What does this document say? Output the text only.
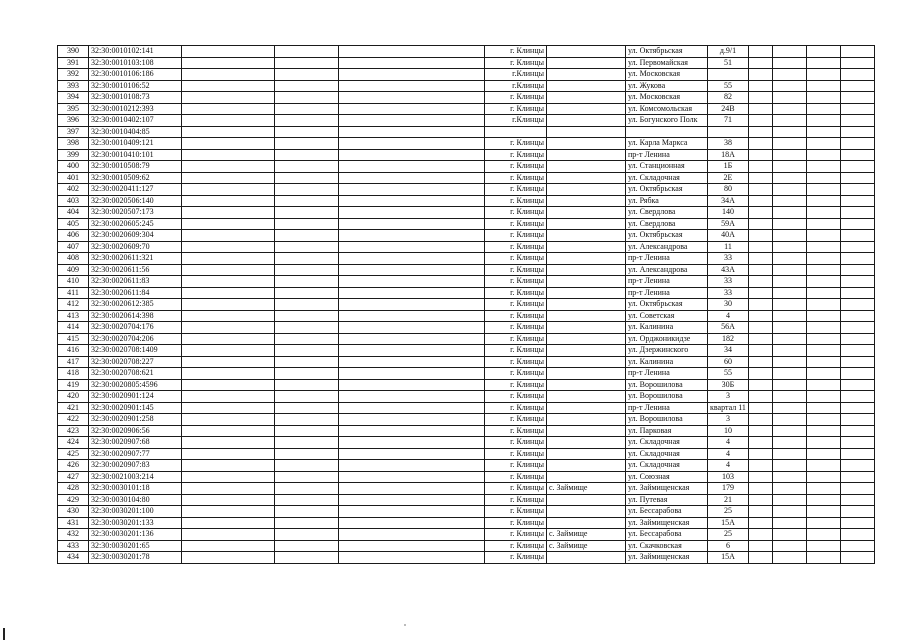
390	32:30:0010102:141				г. Клинцы		ул. Октябрьская	д.9/1				
391	32:30:0010103:108				г. Клинцы		ул. Первомайская	51				
392	32:30:0010106:186				г.Клинцы		ул. Московская					
393	32:30:0010106:52				г.Клинцы		ул. Жукова	55				
394	32:30:0010108:73				г. Клинцы		ул. Московская	82				
395	32:30:0010212:393				г. Клинцы		ул. Комсомольская	24В				
396	32:30:0010402:107				г.Клинцы		ул. Богунского Полк	71				
397	32:30:0010404:85											
398	32:30:0010409:121				г. Клинцы		ул. Карла Маркса	38				
399	32:30:0010410:101				г. Клинцы		пр-т Ленина	18А				
400	32:30:0010508:79				г. Клинцы		ул. Станционная	1Б				
401	32:30:0010509:62				г. Клинцы		ул. Складочная	2Е				
402	32:30:0020411:127				г. Клинцы		ул. Октябрьская	80				
403	32:30:0020506:140				г. Клинцы		ул. Рябка	34А				
404	32:30:0020507:173				г. Клинцы		ул. Свердлова	140				
405	32:30:0020605:245				г. Клинцы		ул. Свердлова	59А				
406	32:30:0020609:304				г. Клинцы		ул. Октябрьская	40А				
407	32:30:0020609:70				г. Клинцы		ул. Александрова	11				
408	32:30:0020611:321				г. Клинцы		пр-т Ленина	33				
409	32:30:0020611:56				г. Клинцы		ул. Александрова	43А				
410	32:30:0020611:83				г. Клинцы		пр-т Ленина	33				
411	32:30:0020611:84				г. Клинцы		пр-т Ленина	33				
412	32:30:0020612:385				г. Клинцы		ул. Октябрьская	30				
413	32:30:0020614:398				г. Клинцы		ул. Советская	4				
414	32:30:0020704:176				г. Клинцы		ул. Калинина	56А				
415	32:30:0020704:206				г. Клинцы		ул. Орджоникидзе	182				
416	32:30:0020708:1409				г. Клинцы		ул. Дзержинского	34				
417	32:30:0020708:227				г. Клинцы		ул. Калинина	60				
418	32:30:0020708:621				г. Клинцы		пр-т Ленина	55				
419	32:30:0020805:4596				г. Клинцы		ул. Ворошилова	30Б				
420	32:30:0020901:124				г. Клинцы		ул. Ворошилова	3				
421	32:30:0020901:145				г. Клинцы		пр-т Ленина	квартал 11				
422	32:30:0020901:258				г. Клинцы		ул. Ворошилова	3				
423	32:30:0020906:56				г. Клинцы		ул. Парковая	10				
424	32:30:0020907:68				г. Клинцы		ул. Складочная	4				
425	32:30:0020907:77				г. Клинцы		ул. Складочная	4				
426	32:30:0020907:83				г. Клинцы		ул. Складочная	4				
427	32:30:0021003:214				г. Клинцы		ул. Союзная	103				
428	32:30:0030101:18				г. Клинцы	с. Займище	ул. Займищенская	179				
429	32:30:0030104:80				г. Клинцы		ул. Путевая	21				
430	32:30:0030201:100				г. Клинцы		ул. Бессарабова	25				
431	32:30:0030201:133				г. Клинцы		ул. Займищенская	15А				
432	32:30:0030201:136				г. Клинцы	с. Займище	ул. Бессарабова	25				
433	32:30:0030201:65				г. Клинцы	с. Займище	ул. Скачковская	6				
434	32:30:0030201:78				г. Клинцы		ул. Займищенская	15А				
